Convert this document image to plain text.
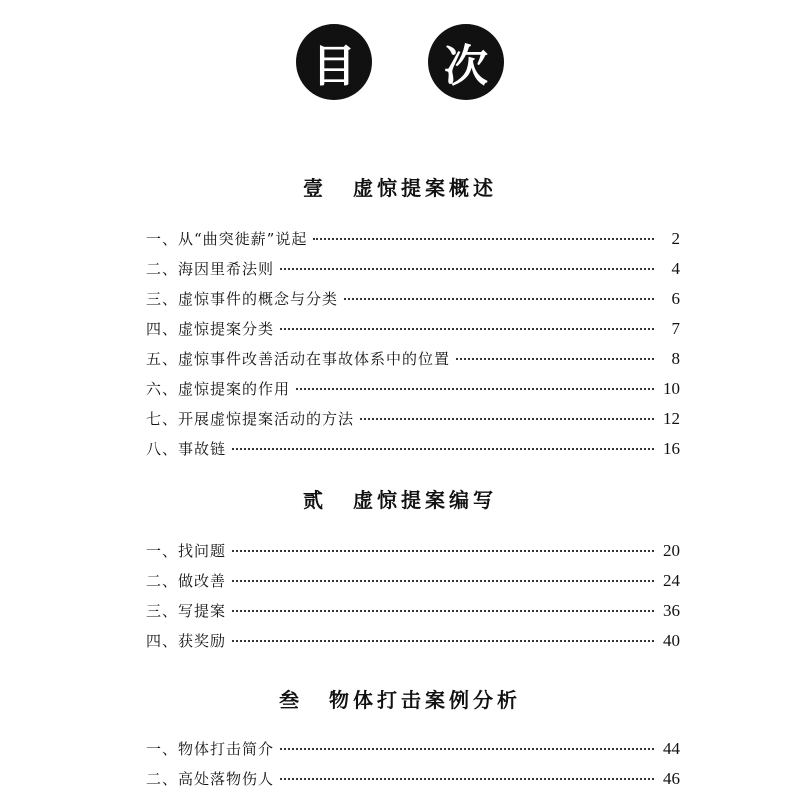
目	次
壹 虚惊提案概述
一、从“曲突徙薪”说起	2
二、海因里希法则	4
三、虚惊事件的概念与分类	6
四、虚惊提案分类	7
五、虚惊事件改善活动在事故体系中的位置	8
六、虚惊提案的作用	10
七、开展虚惊提案活动的方法	12
八、事故链	16
贰 虚惊提案编写
一、找问题	20
二、做改善	24
三、写提案	36
四、获奖励	40
叁 物体打击案例分析
一、物体打击简介	44
二、高处落物伤人	46
